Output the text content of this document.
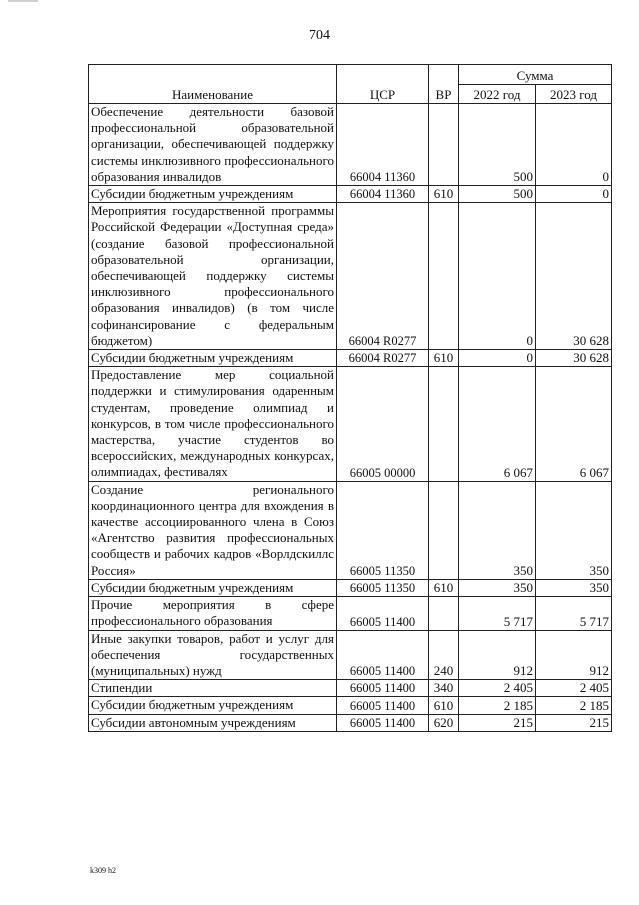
704
Наименование	ЦСР	ВР	Сумма	
			2022 год	2023 год
Обеспечение деятельности базовой профессиональной образовательной организации, обеспечивающей поддержку системы инклюзивного профессионального образования инвалидов	66004 11360		500	0
Субсидии бюджетным учреждениям	66004 11360	610	500	0
Мероприятия государственной программы Российской Федерации «Доступная среда» (создание базовой профессиональной образовательной организации, обеспечивающей поддержку системы инклюзивного профессионального образования инвалидов) (в том числе софинансирование с федеральным бюджетом)	66004 R0277		0	30 628
Субсидии бюджетным учреждениям	66004 R0277	610	0	30 628
Предоставление мер социальной поддержки и стимулирования одаренным студентам, проведение олимпиад и конкурсов, в том числе профессионального мастерства, участие студентов во всероссийских, международных конкурсах, олимпиадах, фестивалях	66005 00000		6 067	6 067
Создание регионального координационного центра для вхождения в качестве ассоциированного члена в Союз «Агентство развития профессиональных сообществ и рабочих кадров «Ворлдскиллс Россия»	66005 11350		350	350
Субсидии бюджетным учреждениям	66005 11350	610	350	350
Прочие мероприятия в сфере профессионального образования	66005 11400		5 717	5 717
Иные закупки товаров, работ и услуг для обеспечения государственных (муниципальных) нужд	66005 11400	240	912	912
Стипендии	66005 11400	340	2 405	2 405
Субсидии бюджетным учреждениям	66005 11400	610	2 185	2 185
Субсидии автономным учреждениям	66005 11400	620	215	215
k309 h2
